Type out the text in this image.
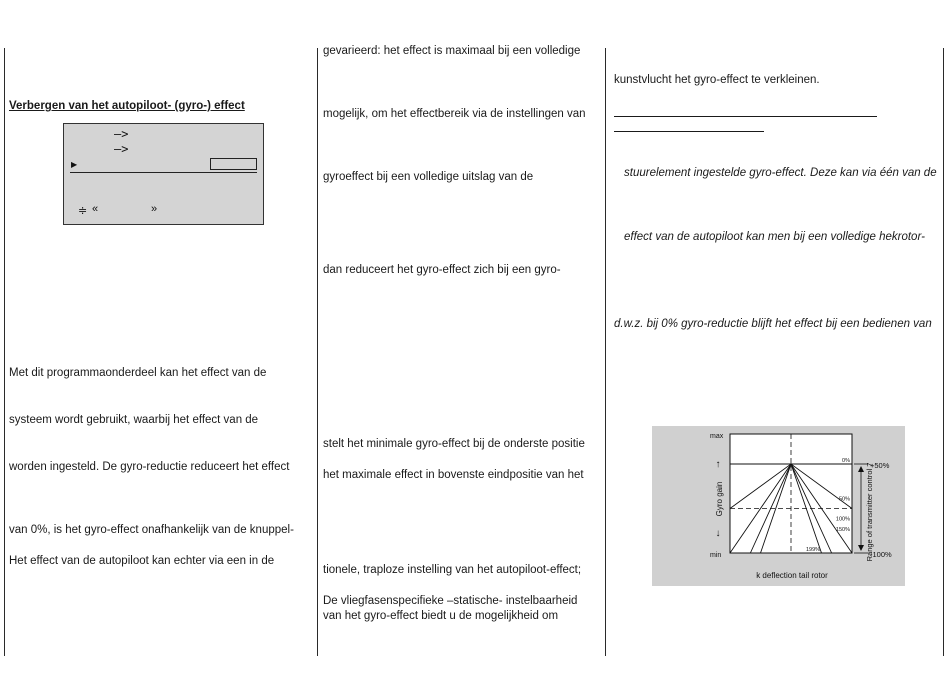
Verbergen van het autopiloot- (gyro-) effect
–>
–>
▶
≑ «	»
Met dit programmaonderdeel kan het effect van de
systeem wordt gebruikt, waarbij het effect van de
worden ingesteld. De gyro-reductie reduceert het effect
van 0%, is het gyro-effect onafhankelijk van de knuppel-
Het effect van de autopiloot kan echter via een in de
gevarieerd: het effect is maximaal bij een volledige
mogelijk, om het effectbereik via de instellingen van
gyroeffect bij een volledige uitslag van de
dan reduceert het gyro-effect zich bij een gyro-
stelt het minimale gyro-effect bij de onderste positie
het maximale effect in bovenste eindpositie van het
tionele, traploze instelling van het autopiloot-effect;
De vliegfasenspecifieke –statische- instelbaarheid
van het gyro-effect biedt u de mogelijkheid om
kunstvlucht het gyro-effect te verkleinen.
stuurelement ingestelde gyro-effect. Deze kan via één van de
effect van de autopiloot kan men bij een volledige hekrotor-
d.w.z. bij 0% gyro-reductie blijft het effect bij een bedienen van
0%
50%
100%
150%
199%
max
min
k deflection tail rotor
Gyro gain
↑
↓
+50%
-100%
Range of transmitter control 7
